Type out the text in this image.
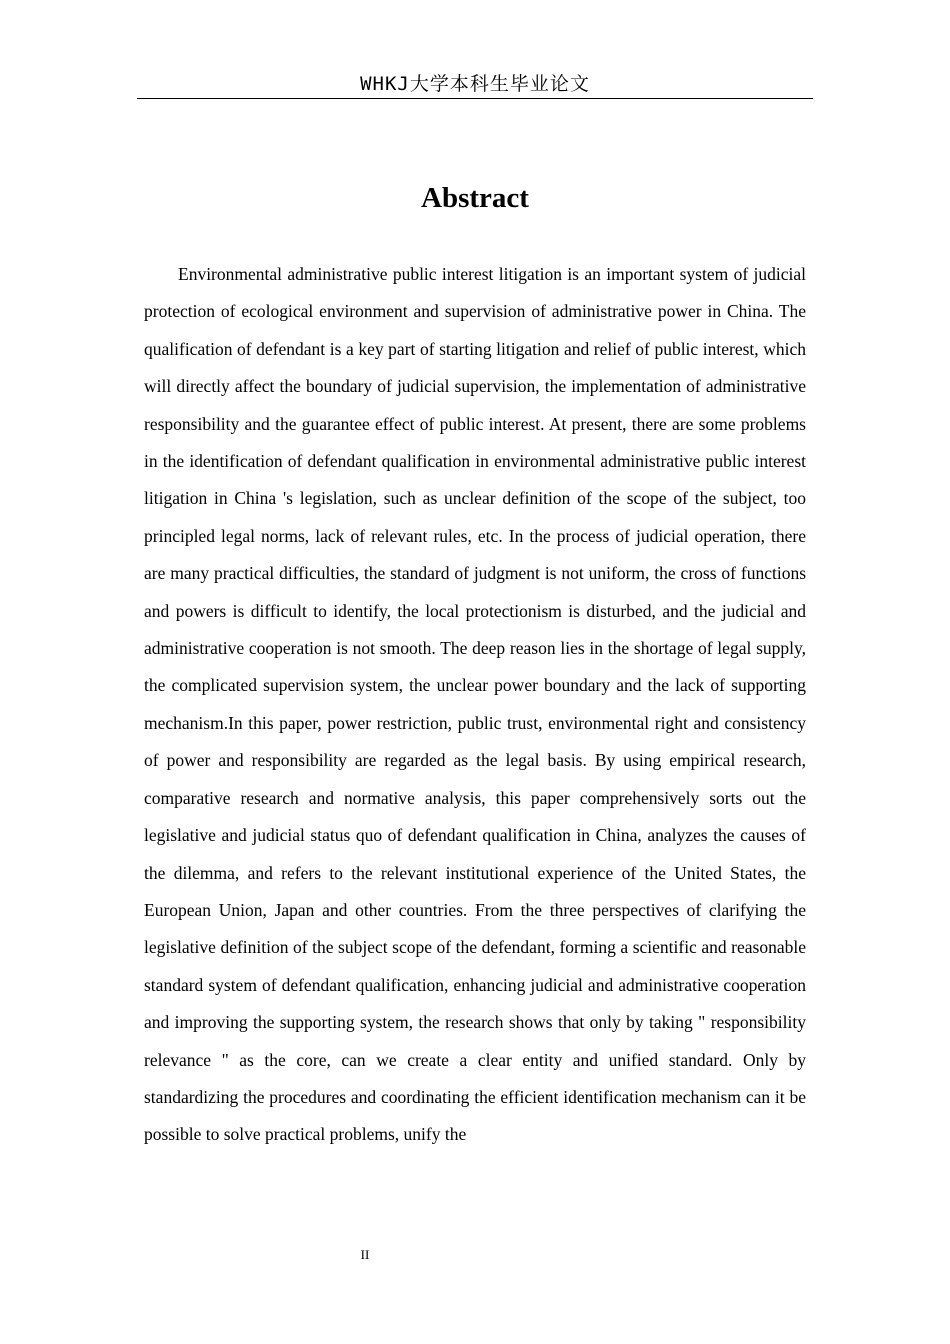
WHKJ大学本科生毕业论文
Abstract

Environmental administrative public interest litigation is an important system of judicial protection of ecological environment and supervision of administrative power in China. The qualification of defendant is a key part of starting litigation and relief of public interest, which will directly affect the boundary of judicial supervision, the implementation of administrative responsibility and the guarantee effect of public interest. At present, there are some problems in the identification of defendant qualification in environmental administrative public interest litigation in China 's legislation, such as unclear definition of the scope of the subject, too principled legal norms, lack of relevant rules, etc. In the process of judicial operation, there are many practical difficulties, the standard of judgment is not uniform, the cross of functions and powers is difficult to identify, the local protectionism is disturbed, and the judicial and administrative cooperation is not smooth. The deep reason lies in the shortage of legal supply, the complicated supervision system, the unclear power boundary and the lack of supporting mechanism.In this paper, power restriction, public trust, environmental right and consistency of power and responsibility are regarded as the legal basis. By using empirical research, comparative research and normative analysis, this paper comprehensively sorts out the legislative and judicial status quo of defendant qualification in China, analyzes the causes of the dilemma, and refers to the relevant institutional experience of the United States, the European Union, Japan and other countries. From the three perspectives of clarifying the legislative definition of the subject scope of the defendant, forming a scientific and reasonable standard system of defendant qualification, enhancing judicial and administrative cooperation and improving the supporting system, the research shows that only by taking " responsibility relevance " as the core, can we create a clear entity and unified standard. Only by standardizing the procedures and coordinating the efficient identification mechanism can it be possible to solve practical problems, unify the

II
